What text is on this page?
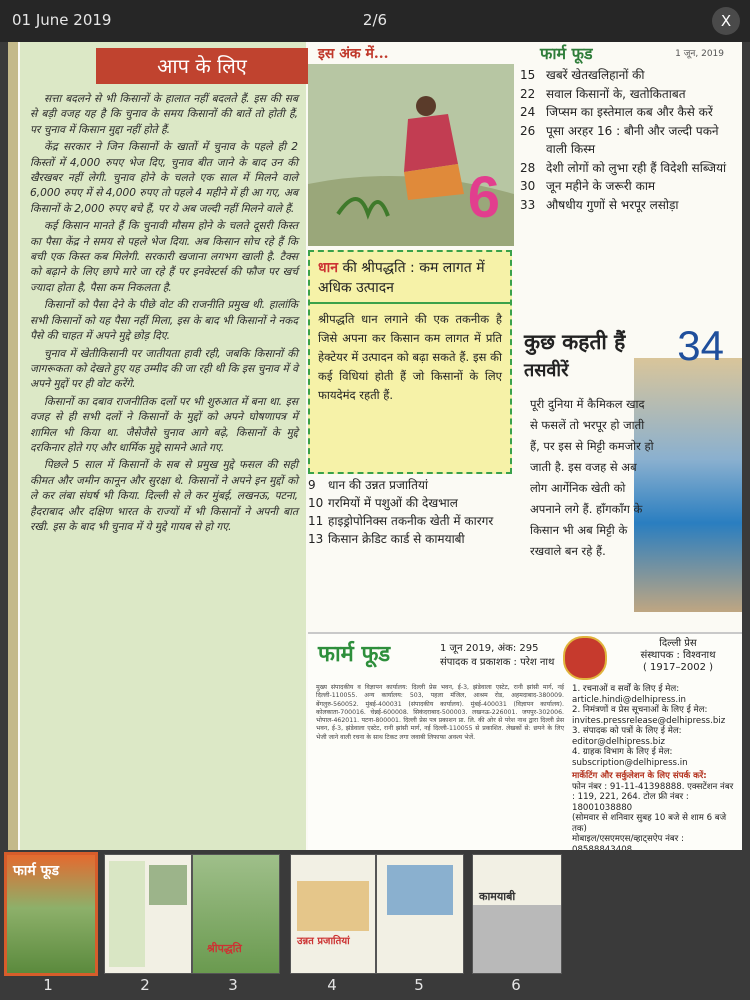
01 June 2019	2/6	X
आप के लिए

सत्ता बदलने से भी किसानों के हालात नहीं बदलते हैं. इस की सब से बड़ी वजह यह है कि चुनाव के समय किसानों की बातें तो होती हैं, पर चुनाव में किसान मुद्दा नहीं होते हैं.

केंद्र सरकार ने जिन किसानों के खातों में चुनाव के पहले ही 2 किस्तों में 4,000 रुपए भेज दिए, चुनाव बीत जाने के बाद उन की खैरखबर नहीं लेगी. चुनाव होने के चलते एक साल में मिलने वाले 6,000 रुपए में से 4,000 रुपए तो पहले 4 महीने में ही आ गए, अब किसानों के 2,000 रुपए बचे हैं, पर ये अब जल्दी नहीं मिलने वाले हैं.

कई किसान मानते हैं कि चुनावी मौसम होने के चलते दूसरी किस्त का पैसा केंद्र ने समय से पहले भेज दिया. अब किसान सोच रहे हैं कि बची एक किस्त कब मिलेगी. सरकारी खजाना लगभग खाली है. टैक्स को बढ़ाने के लिए छापे मारे जा रहे हैं पर इनवेस्टर्स की फौज पर खर्च ज्यादा होता है, पैसा कम निकलता है.

किसानों को पैसा देने के पीछे वोट की राजनीति प्रमुख थी. हालांकि सभी किसानों को यह पैसा नहीं मिला, इस के बाद भी किसानों ने नकद पैसे की चाहत में अपने मुद्दे छोड़ दिए.

चुनाव में खेतीकिसानी पर जातीयता हावी रही, जबकि किसानों की जागरूकता को देखते हुए यह उम्मीद की जा रही थी कि इस चुनाव में वे अपने मुद्दों पर ही वोट करेंगे.

किसानों का दबाव राजनीतिक दलों पर भी शुरुआत में बना था. इस वजह से ही सभी दलों ने किसानों के मुद्दों को अपने घोषणापत्र में शामिल भी किया था. जैसेजैसे चुनाव आगे बढ़े, किसानों के मुद्दे दरकिनार होते गए और धार्मिक मुद्दे सामने आते गए.

पिछले 5 साल में किसानों के सब से प्रमुख मुद्दे फसल की सही कीमत और जमीन कानून और सुरक्षा थे. किसानों ने अपने इन मुद्दों को ले कर लंबा संघर्ष भी किया. दिल्ली से ले कर मुंबई, लखनऊ, पटना, हैदराबाद और दक्षिण भारत के राज्यों में भी किसानों ने अपनी बात रखी. इस के बाद भी चुनाव में ये मुद्दे गायब से हो गए.

इस अंक में...
6
धान की श्रीपद्धति : कम लागत में अधिक उत्पादन
श्रीपद्धति धान लगाने की एक तकनीक है जिसे अपना कर किसान कम लागत में प्रति हेक्टेयर में उत्पादन को बढ़ा सकते हैं. इस की कई विधियां होती हैं जो किसानों के लिए फायदेमंद रहती हैं.
9	धान की उन्नत प्रजातियां
10 गरमियों में पशुओं की देखभाल
11 हाइड्रोपोनिक्स तकनीक खेती में कारगर
13 किसान क्रेडिट कार्ड से कामयाबी
फार्म फूड	1 जून, 2019
15 खबरें खेतखलिहानों की
22 सवाल किसानों के, खतोकिताबत
24 जिप्सम का इस्तेमाल कब और कैसे करें
26 पूसा अरहर 16 : बौनी और जल्दी पकने वाली किस्म
28 देशी लोगों को लुभा रही हैं विदेशी सब्जियां
30 जून महीने के जरूरी काम
33 औषधीय गुणों से भरपूर लसोड़ा
कुछ कहती हैं
तसवीरें
34
पूरी दुनिया में कैमिकल खाद से फसलें तो भरपूर हो जाती हैं, पर इस से मिट्टी कमजोर हो जाती है. इस वजह से अब लोग आर्गेनिक खेती को अपनाने लगे हैं. हॉंगकॉंग के किसान भी अब मिट्टी के रखवाले बन रहे हैं.
फार्म फूड	1 जून 2019, अंक: 295
संपादक व प्रकाशक : परेश नाथ
दिल्ली प्रेस
संस्थापक : विश्वनाथ
( 1917–2002 )
मुख्य संपादकीय व विज्ञापन कार्यालय: दिल्ली प्रेस भवन, ई-3, झंडेवाला एस्टेट, रानी झांसी मार्ग, नई दिल्ली-110055. अन्य कार्यालय: 503, पहला मंजिल, आश्रम रोड, अहमदाबाद-380009. बेंगलुरु-560052. मुंबई-400031 (संपादकीय कार्यालय). मुंबई-400031 (विज्ञापन कार्यालय). कोलकाता-700016. चेन्नई-600008. सिकंदराबाद-500003. लखनऊ-226001. जयपुर-302006. भोपाल-462011. पटना-800001. दिल्ली प्रेस पत्र प्रकाशन प्रा. लि. की ओर से परेश नाथ द्वारा दिल्ली प्रेस भवन, ई-3, झंडेवाला एस्टेट, रानी झांसी मार्ग, नई दिल्ली-110055 से प्रकाशित. लेखकों से: छपने के लिए भेजी जाने वाली रचना के साथ टिकट लगा जवाबी लिफाफा अवश्य भेजें.
1. रचनाओं व सर्वों के लिए ई मेल:
article.hindi@delhipress.in
2. निमंत्रणों व प्रेस सूचनाओं के लिए ई मेल:
invites.pressrelease@delhipress.biz
3. संपादक को पत्रों के लिए ई मेल:
editor@delhipress.biz
4. ग्राहक विभाग के लिए ई मेल:
subscription@delhipress.in
मार्केटिंग और सर्कुलेशन के लिए संपर्क करें:
फोन नंबर : 91-11-41398888. एक्सटेंशन नंबर : 119, 221, 264. टोल फ्री नंबर : 18001038880
(सोमवार से शनिवार सुबह 10 बजे से शाम 6 बजे तक)
मोबाइल/एसएमएस/व्हाट्सऐप नंबर :
फार्म फूड
1	2
श्रीपद्धति
3
उन्नत प्रजातियां
4	5
कामयाबी
6
